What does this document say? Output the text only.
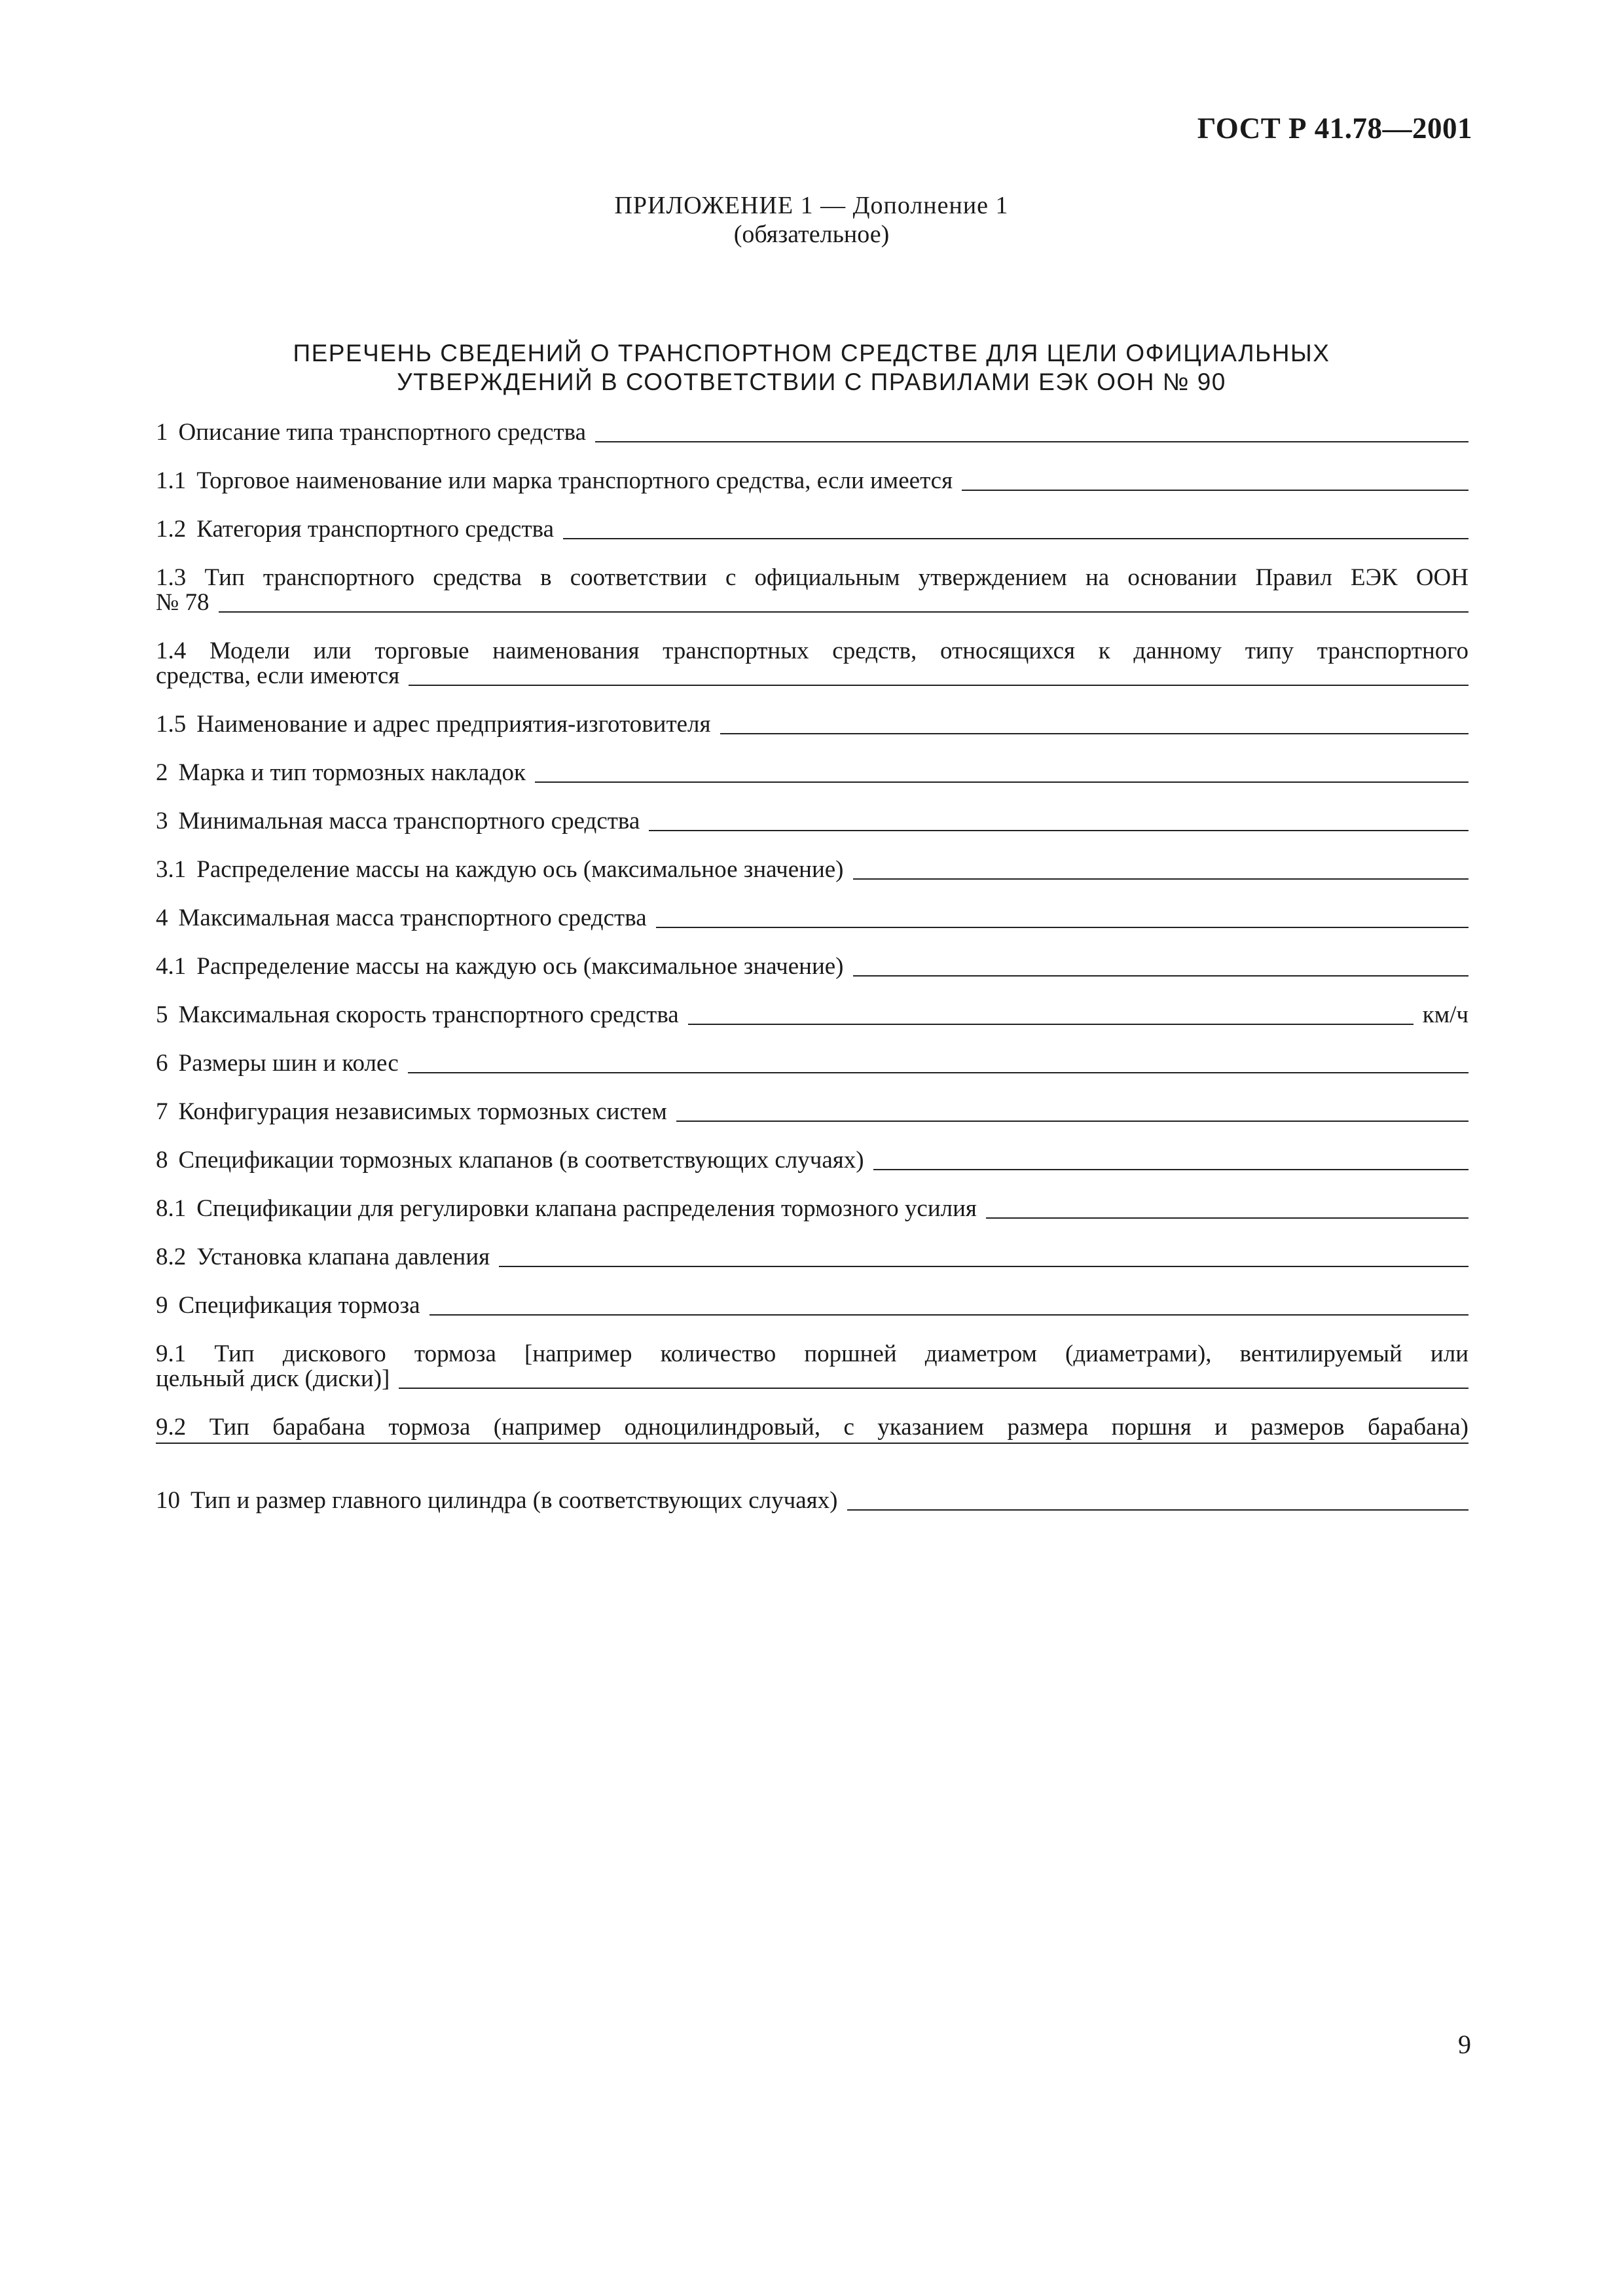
ГОСТ Р 41.78—2001
ПРИЛОЖЕНИЕ 1 — Дополнение 1
(обязательное)
ПЕРЕЧЕНЬ СВЕДЕНИЙ О ТРАНСПОРТНОМ СРЕДСТВЕ ДЛЯ ЦЕЛИ ОФИЦИАЛЬНЫХ
УТВЕРЖДЕНИЙ В СООТВЕТСТВИИ С ПРАВИЛАМИ ЕЭК ООН № 90
1 Описание типа транспортного средства
1.1 Торговое наименование или марка транспортного средства, если имеется
1.2 Категория транспортного средства
1.3 Тип транспортного средства в соответствии с официальным утверждением на основании Правил ЕЭК ООН
№ 78
1.4 Модели или торговые наименования транспортных средств, относящихся к данному типу транспортного
средства, если имеются
1.5 Наименование и адрес предприятия-изготовителя
2 Марка и тип тормозных накладок
3 Минимальная масса транспортного средства
3.1 Распределение массы на каждую ось (максимальное значение)
4 Максимальная масса транспортного средства
4.1 Распределение массы на каждую ось (максимальное значение)
5 Максимальная скорость транспортного средства	км/ч
6 Размеры шин и колес
7 Конфигурация независимых тормозных систем
8 Спецификации тормозных клапанов (в соответствующих случаях)
8.1 Спецификации для регулировки клапана распределения тормозного усилия
8.2 Установка клапана давления
9 Спецификация тормоза
9.1 Тип дискового тормоза [например количество поршней диаметром (диаметрами), вентилируемый или
цельный диск (диски)]
9.2 Тип барабана тормоза (например одноцилиндровый, с указанием размера поршня и размеров барабана)
10 Тип и размер главного цилиндра (в соответствующих случаях)
9
